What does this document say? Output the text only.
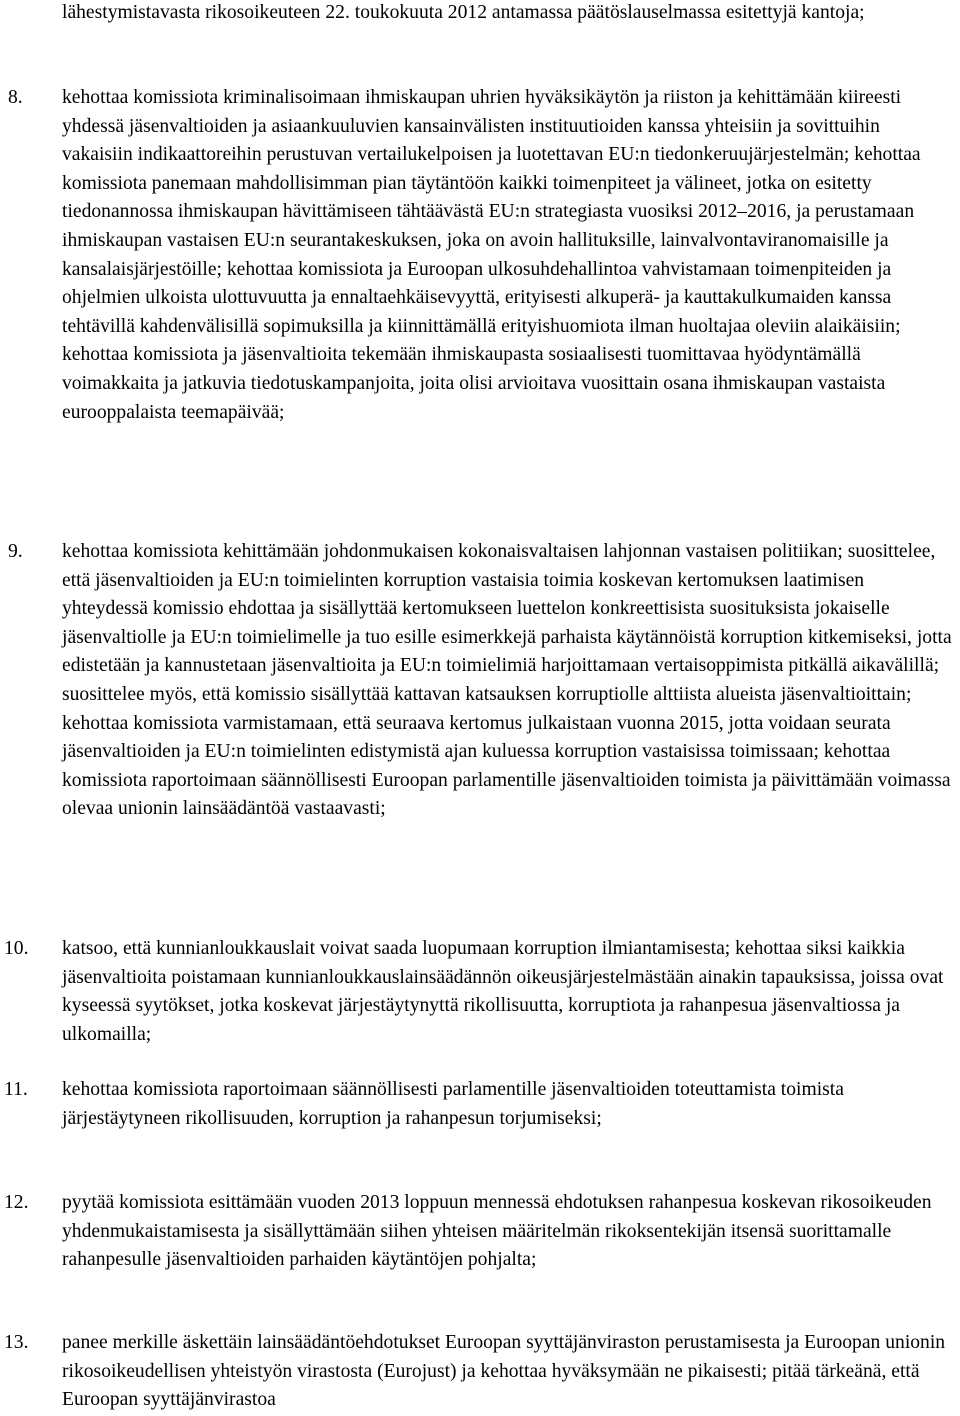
lähestymistavasta rikosoikeuteen 22. toukokuuta 2012 antamassa päätöslauselmassa esitettyjä kantoja;

8. kehottaa komissiota kriminalisoimaan ihmiskaupan uhrien hyväksikäytön ja riiston ja kehittämään kiireesti yhdessä jäsenvaltioiden ja asiaankuuluvien kansainvälisten instituutioiden kanssa yhteisiin ja sovittuihin vakaisiin indikaattoreihin perustuvan vertailukelpoisen ja luotettavan EU:n tiedonkeruujärjestelmän; kehottaa komissiota panemaan mahdollisimman pian täytäntöön kaikki toimenpiteet ja välineet, jotka on esitetty tiedonannossa ihmiskaupan hävittämiseen tähtäävästä EU:n strategiasta vuosiksi 2012–2016, ja perustamaan ihmiskaupan vastaisen EU:n seurantakeskuksen, joka on avoin hallituksille, lainvalvontaviranomaisille ja kansalaisjärjestöille; kehottaa komissiota ja Euroopan ulkosuhdehallintoa vahvistamaan toimenpiteiden ja ohjelmien ulkoista ulottuvuutta ja ennaltaehkäisevyyttä, erityisesti alkuperä- ja kauttakulkumaiden kanssa tehtävillä kahdenvälisillä sopimuksilla ja kiinnittämällä erityishuomiota ilman huoltajaa oleviin alaikäisiin; kehottaa komissiota ja jäsenvaltioita tekemään ihmiskaupasta sosiaalisesti tuomittavaa hyödyntämällä voimakkaita ja jatkuvia tiedotuskampanjoita, joita olisi arvioitava vuosittain osana ihmiskaupan vastaista eurooppalaista teemapäivää;

9. kehottaa komissiota kehittämään johdonmukaisen kokonaisvaltaisen lahjonnan vastaisen politiikan; suosittelee, että jäsenvaltioiden ja EU:n toimielinten korruption vastaisia toimia koskevan kertomuksen laatimisen yhteydessä komissio ehdottaa ja sisällyttää kertomukseen luettelon konkreettisista suosituksista jokaiselle jäsenvaltiolle ja EU:n toimielimelle ja tuo esille esimerkkejä parhaista käytännöistä korruption kitkemiseksi, jotta edistetään ja kannustetaan jäsenvaltioita ja EU:n toimielimiä harjoittamaan vertaisoppimista pitkällä aikavälillä; suosittelee myös, että komissio sisällyttää kattavan katsauksen korruptiolle alttiista alueista jäsenvaltioittain; kehottaa komissiota varmistamaan, että seuraava kertomus julkaistaan vuonna 2015, jotta voidaan seurata jäsenvaltioiden ja EU:n toimielinten edistymistä ajan kuluessa korruption vastaisissa toimissaan; kehottaa komissiota raportoimaan säännöllisesti Euroopan parlamentille jäsenvaltioiden toimista ja päivittämään voimassa olevaa unionin lainsäädäntöä vastaavasti;

10. katsoo, että kunnianloukkauslait voivat saada luopumaan korruption ilmiantamisesta; kehottaa siksi kaikkia jäsenvaltioita poistamaan kunnianloukkauslainsäädännön oikeusjärjestelmästään ainakin tapauksissa, joissa ovat kyseessä syytökset, jotka koskevat järjestäytynyttä rikollisuutta, korruptiota ja rahanpesua jäsenvaltiossa ja ulkomailla;

11. kehottaa komissiota raportoimaan säännöllisesti parlamentille jäsenvaltioiden toteuttamista toimista järjestäytyneen rikollisuuden, korruption ja rahanpesun torjumiseksi;

12. pyytää komissiota esittämään vuoden 2013 loppuun mennessä ehdotuksen rahanpesua koskevan rikosoikeuden yhdenmukaistamisesta ja sisällyttämään siihen yhteisen määritelmän rikoksentekijän itsensä suorittamalle rahanpesulle jäsenvaltioiden parhaiden käytäntöjen pohjalta;

13. panee merkille äskettäin lainsäädäntöehdotukset Euroopan syyttäjänviraston perustamisesta ja Euroopan unionin rikosoikeudellisen yhteistyön virastosta (Eurojust) ja kehottaa hyväksymään ne pikaisesti; pitää tärkeänä, että Euroopan syyttäjänvirastoa
